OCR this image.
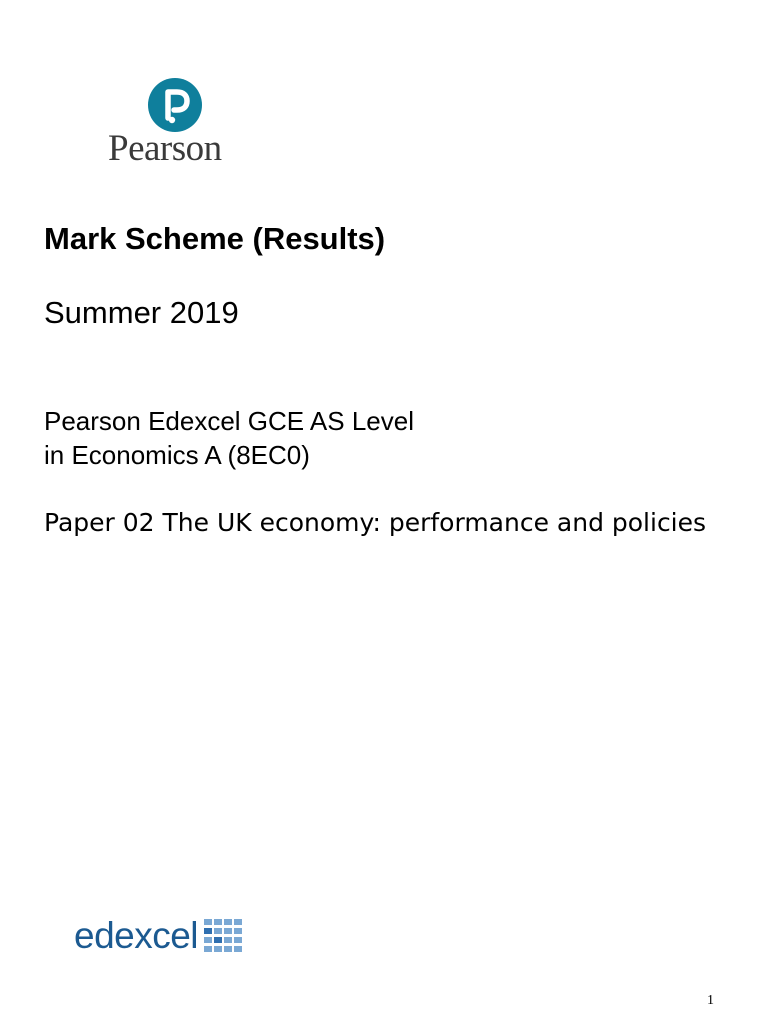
Pearson
Mark Scheme (Results)
Summer 2019
Pearson Edexcel GCE AS Level
in Economics A (8EC0)
Paper 02 The UK economy: performance and policies
edexcel
1
